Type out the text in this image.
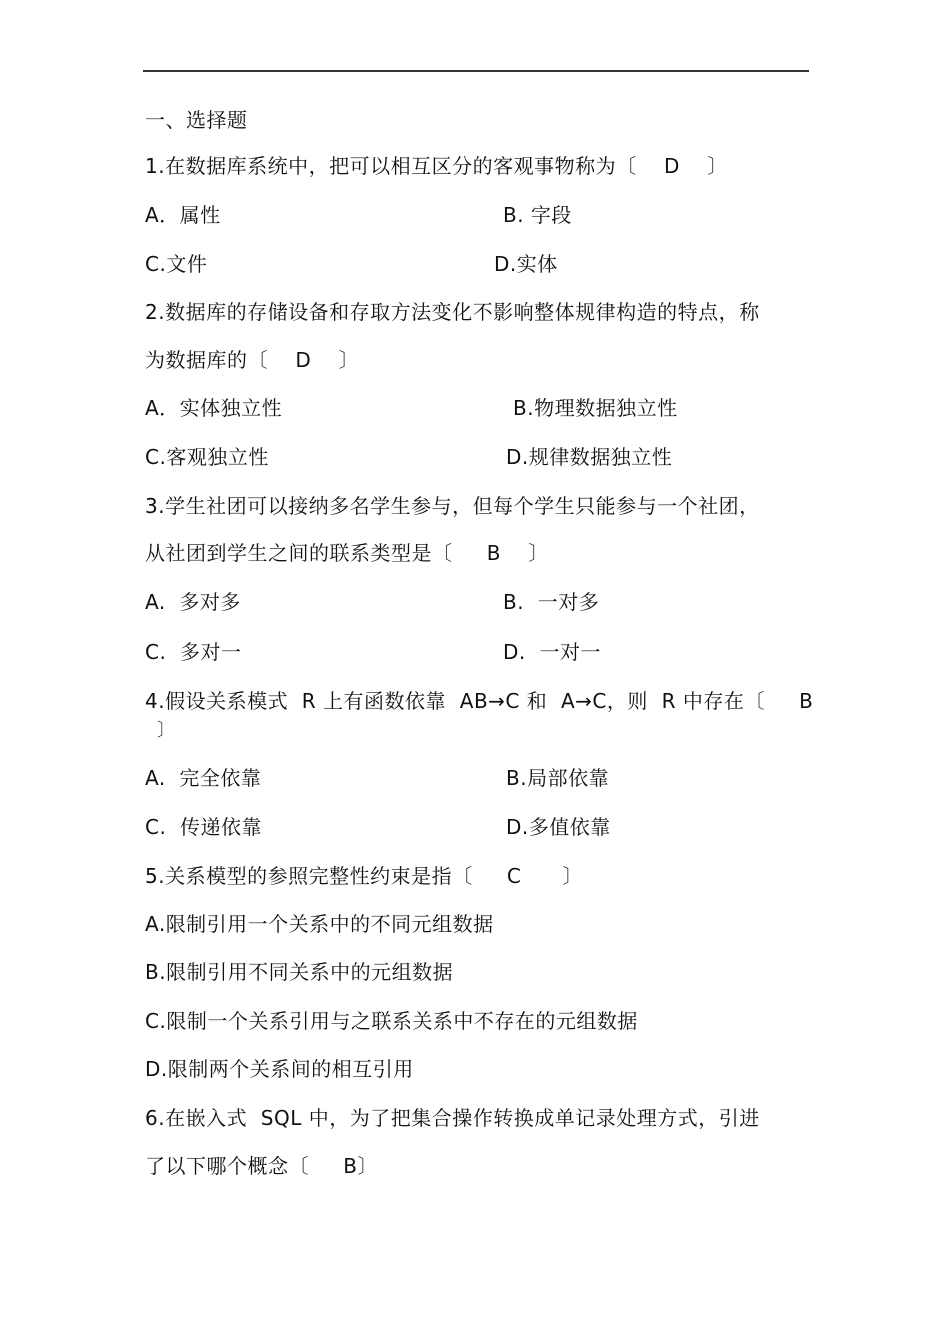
一、选择题
1.在数据库系统中，把可以相互区分的客观事物称为〔    D    〕
A．属性	B. 字段
C.文件	D.实体
2.数据库的存储设备和存取方法变化不影响整体规律构造的特点，称
为数据库的〔    D    〕
A．实体独立性	B.物理数据独立性
C.客观独立性	D.规律数据独立性
3.学生社团可以接纳多名学生参与，但每个学生只能参与一个社团，
从社团到学生之间的联系类型是〔     B    〕
A.  多对多	B.  一对多
C.  多对一	D.  一对一
4.假设关系模式  R 上有函数依靠  AB→C 和  A→C，则  R 中存在〔     B
〕
A.  完全依靠	B.局部依靠
C.  传递依靠	D.多值依靠
5.关系模型的参照完整性约束是指〔     C      〕
A.限制引用一个关系中的不同元组数据
B.限制引用不同关系中的元组数据
C.限制一个关系引用与之联系关系中不存在的元组数据
D.限制两个关系间的相互引用
6.在嵌入式  SQL 中，为了把集合操作转换成单记录处理方式，引进
了以下哪个概念〔     B〕
